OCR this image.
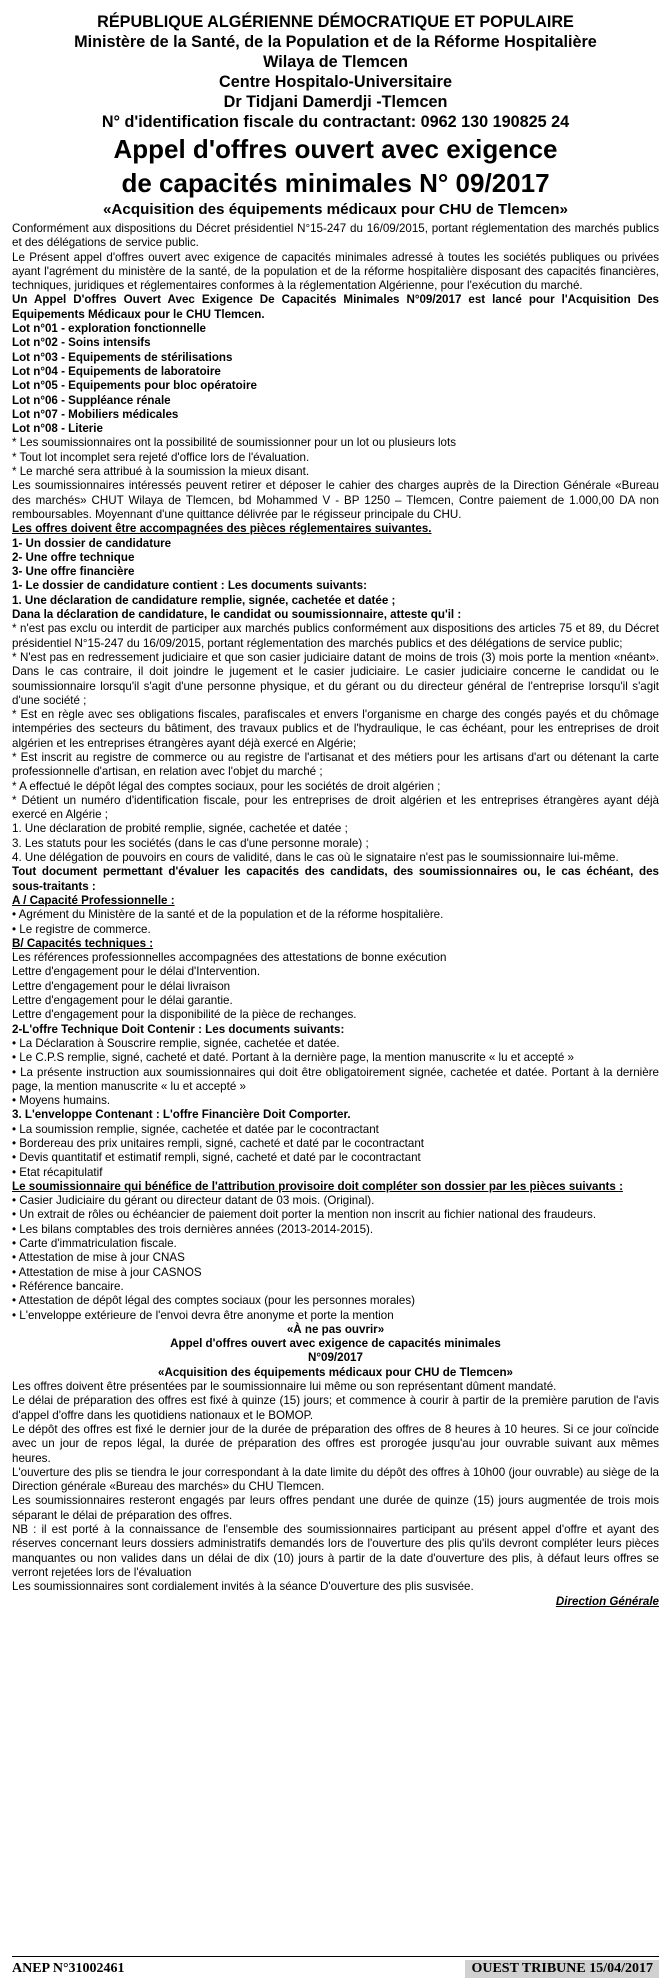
RÉPUBLIQUE ALGÉRIENNE DÉMOCRATIQUE ET POPULAIRE
Ministère de la Santé, de la Population et de la Réforme Hospitalière
Wilaya de Tlemcen
Centre Hospitalo-Universitaire
Dr Tidjani Damerdji -Tlemcen
N° d'identification fiscale du contractant: 0962 130 190825 24
Appel d'offres ouvert avec exigence
de capacités minimales N° 09/2017
«Acquisition des équipements médicaux pour CHU de Tlemcen»

Conformément aux dispositions du Décret présidentiel N°15-247 du 16/09/2015, portant réglementation des marchés publics et des délégations de service public.

Le Présent appel d'offres ouvert avec exigence de capacités minimales adressé à toutes les sociétés publiques ou privées ayant l'agrément du ministère de la santé, de la population et de la réforme hospitalière disposant des capacités financières, techniques, juridiques et réglementaires conformes à la réglementation Algérienne, pour l'exécution du marché.

Un Appel D'offres Ouvert Avec Exigence De Capacités Minimales N°09/2017 est lancé pour l'Acquisition Des Equipements Médicaux pour le CHU Tlemcen.

Lot n°01 - exploration fonctionnelle

Lot n°02 - Soins intensifs

Lot n°03 - Equipements de stérilisations

Lot n°04 - Equipements de laboratoire

Lot n°05 - Equipements pour bloc opératoire

Lot n°06 - Suppléance rénale

Lot n°07 - Mobiliers médicales

Lot n°08 - Literie

* Les soumissionnaires ont la possibilité de soumissionner pour un lot ou plusieurs lots

* Tout lot incomplet sera rejeté d'office lors de l'évaluation.

* Le marché sera attribué à la soumission la mieux disant.

Les soumissionnaires intéressés peuvent retirer et déposer le cahier des charges auprès de la Direction Générale «Bureau des marchés» CHUT Wilaya de Tlemcen, bd Mohammed V - BP 1250 – Tlemcen, Contre paiement de 1.000,00 DA non remboursables. Moyennant d'une quittance délivrée par le régisseur principale du CHU.

Les offres doivent être accompagnées des pièces réglementaires suivantes.

1- Un dossier de candidature

2- Une offre technique

3- Une offre financière

1- Le dossier de candidature contient : Les documents suivants:

1. Une déclaration de candidature remplie, signée, cachetée et datée ;

Dana la déclaration de candidature, le candidat ou soumissionnaire, atteste qu'il :

* n'est pas exclu ou interdit de participer aux marchés publics conformément aux dispositions des articles 75 et 89, du Décret présidentiel N°15-247 du 16/09/2015, portant réglementation des marchés publics et des délégations de service public;

* N'est pas en redressement judiciaire et que son casier judiciaire datant de moins de trois (3) mois porte la mention «néant». Dans le cas contraire, il doit joindre le jugement et le casier judiciaire. Le casier judiciaire concerne le candidat ou le soumissionnaire lorsqu'il s'agit d'une personne physique, et du gérant ou du directeur général de l'entreprise lorsqu'il s'agit d'une société ;

* Est en règle avec ses obligations fiscales, parafiscales et envers l'organisme en charge des congés payés et du chômage intempéries des secteurs du bâtiment, des travaux publics et de l'hydraulique, le cas échéant, pour les entreprises de droit algérien et les entreprises étrangères ayant déjà exercé en Algérie;

* Est inscrit au registre de commerce ou au registre de l'artisanat et des métiers pour les artisans d'art ou détenant la carte professionnelle d'artisan, en relation avec l'objet du marché ;

* A effectué le dépôt légal des comptes sociaux, pour les sociétés de droit algérien ;

* Détient un numéro d'identification fiscale, pour les entreprises de droit algérien et les entreprises étrangères ayant déjà exercé en Algérie ;

1. Une déclaration de probité remplie, signée, cachetée et datée ;

3. Les statuts pour les sociétés (dans le cas d'une personne morale) ;

4. Une délégation de pouvoirs en cours de validité, dans le cas où le signataire n'est pas le soumissionnaire lui-même.

Tout document permettant d'évaluer les capacités des candidats, des soumissionnaires ou, le cas échéant, des sous-traitants :

A / Capacité Professionnelle :

• Agrément du Ministère de la santé et de la population et de la réforme hospitalière.

• Le registre de commerce.

B/ Capacités techniques :

Les références professionnelles accompagnées des attestations de bonne exécution

Lettre d'engagement pour le délai d'Intervention.

Lettre d'engagement pour le délai livraison

Lettre d'engagement pour le délai garantie.

Lettre d'engagement pour la disponibilité de la pièce de rechanges.

2-L'offre Technique Doit Contenir : Les documents suivants:

• La Déclaration à Souscrire remplie, signée, cachetée et datée.

• Le C.P.S remplie, signé, cacheté et daté. Portant à la dernière page, la mention manuscrite « lu et accepté »

• La présente instruction aux soumissionnaires qui doit être obligatoirement signée, cachetée et datée. Portant à la dernière page, la mention manuscrite « lu et accepté »

• Moyens humains.

3. L'enveloppe Contenant : L'offre Financière Doit Comporter.

• La soumission remplie, signée, cachetée et datée par le cocontractant

• Bordereau des prix unitaires rempli, signé, cacheté et daté par le cocontractant

• Devis quantitatif et estimatif rempli, signé, cacheté et daté par le cocontractant

• Etat récapitulatif

Le soumissionnaire qui bénéfice de l'attribution provisoire doit compléter son dossier par les pièces suivants :

• Casier Judiciaire du gérant ou directeur datant de 03 mois. (Original).

• Un extrait de rôles ou échéancier de paiement doit porter la mention non inscrit au fichier national des fraudeurs.

• Les bilans comptables des trois dernières années (2013-2014-2015).

• Carte d'immatriculation fiscale.

• Attestation de mise à jour CNAS

• Attestation de mise à jour CASNOS

• Référence bancaire.

• Attestation de dépôt légal des comptes sociaux (pour les personnes morales)

• L'enveloppe extérieure de l'envoi devra être anonyme et porte la mention

«À ne pas ouvrir»

Appel d'offres ouvert avec exigence de capacités minimales

N°09/2017

«Acquisition des équipements médicaux pour CHU de Tlemcen»

Les offres doivent être présentées par le soumissionnaire lui même ou son représentant dûment mandaté.

Le délai de préparation des offres est fixé à quinze (15) jours; et commence à courir à partir de la première parution de l'avis d'appel d'offre dans les quotidiens nationaux et le BOMOP.

Le dépôt des offres est fixé le dernier jour de la durée de préparation des offres de 8 heures à 10 heures. Si ce jour coïncide avec un jour de repos légal, la durée de préparation des offres est prorogée jusqu'au jour ouvrable suivant aux mêmes heures.

L'ouverture des plis se tiendra le jour correspondant à la date limite du dépôt des offres à 10h00 (jour ouvrable) au siège de la Direction générale «Bureau des marchés» du CHU Tlemcen.

Les soumissionnaires resteront engagés par leurs offres pendant une durée de quinze (15) jours augmentée de trois mois séparant le délai de préparation des offres.

NB : il est porté à la connaissance de l'ensemble des soumissionnaires participant au présent appel d'offre et ayant des réserves concernant leurs dossiers administratifs demandés lors de l'ouverture des plis qu'ils devront compléter leurs pièces manquantes ou non valides dans un délai de dix (10) jours à partir de la date d'ouverture des plis, à défaut leurs offres se verront rejetées lors de l'évaluation

Les soumissionnaires sont cordialement invités à la séance D'ouverture des plis susvisée.

Direction Générale

ANEP N°31002461	OUEST TRIBUNE 15/04/2017
